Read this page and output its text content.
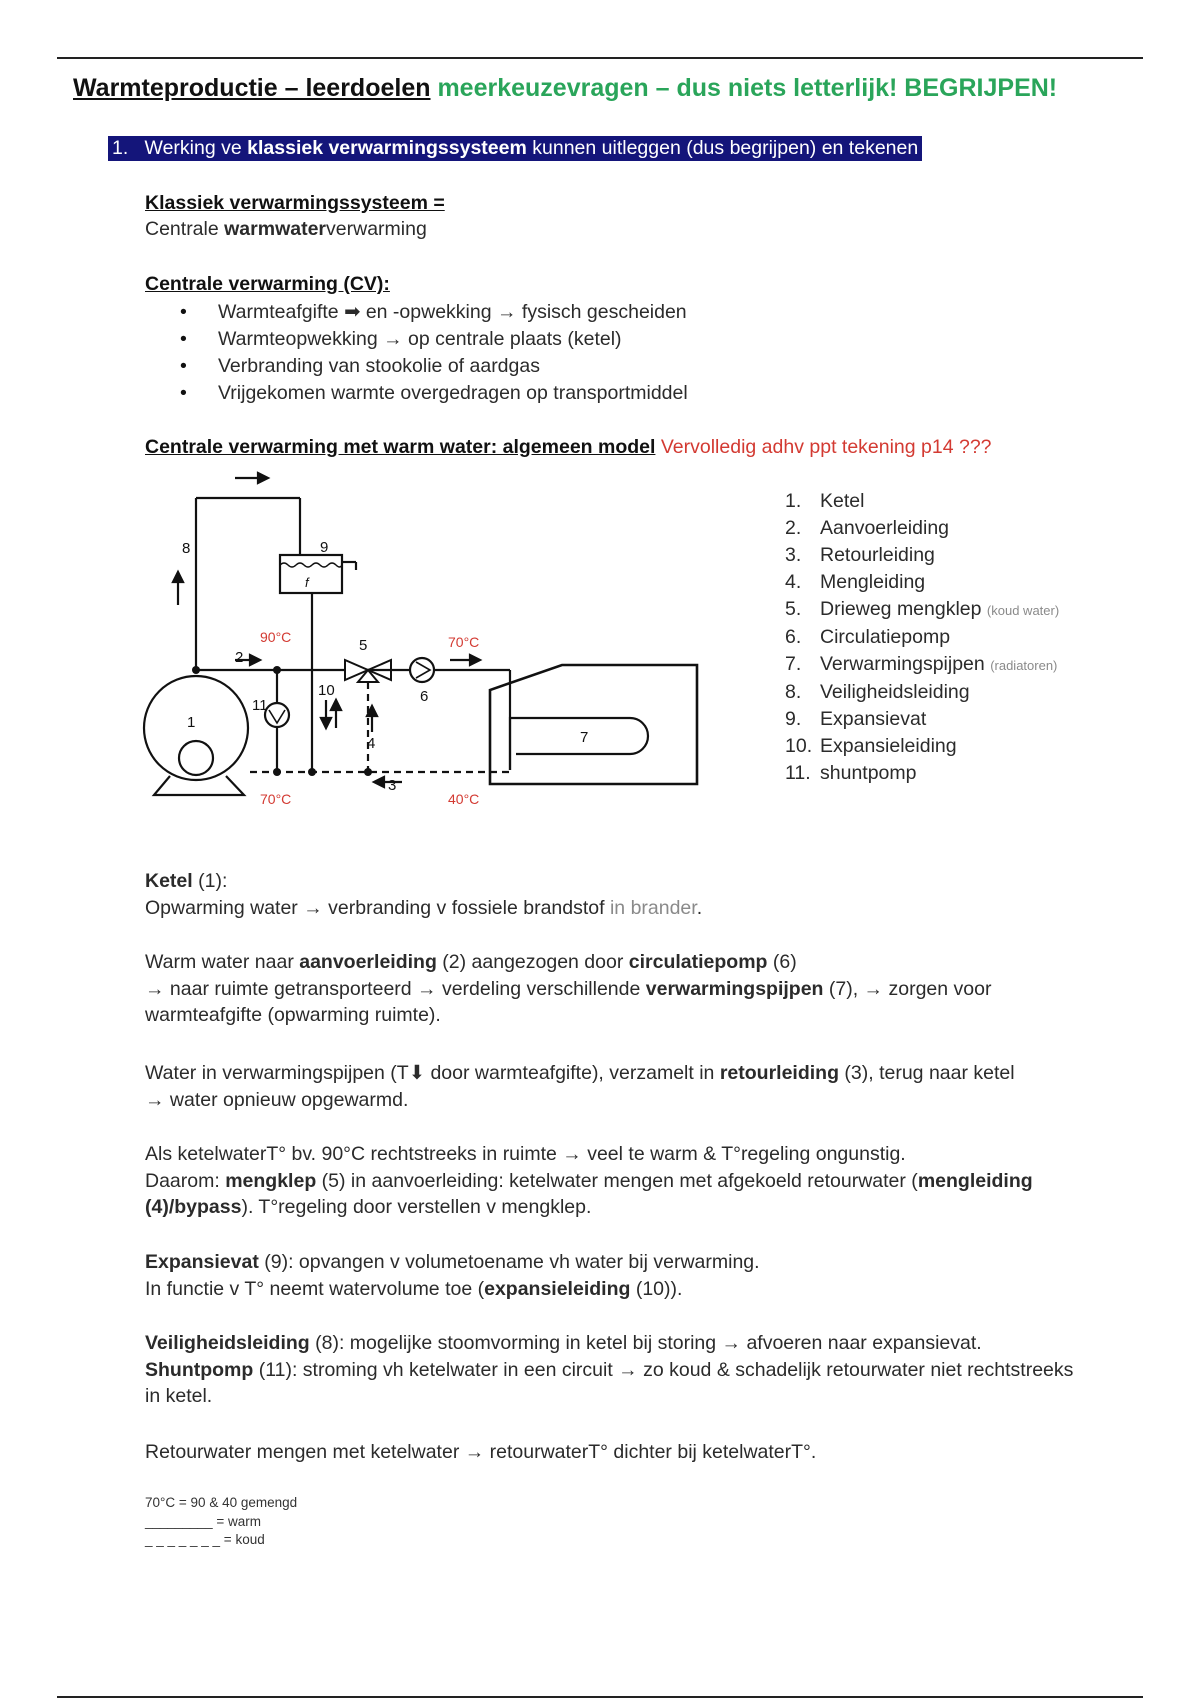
Warmteproductie – leerdoelen meerkeuzevragen – dus niets letterlijk! BEGRIJPEN!
1. Werking ve klassiek verwarmingssysteem kunnen uitleggen (dus begrijpen) en tekenen
Klassiek verwarmingssysteem =
Centrale warmwaterverwarming
Centrale verwarming (CV):
• Warmteafgifte ➡ en -opwekking → fysisch gescheiden
• Warmteopwekking → op centrale plaats (ketel)
• Verbranding van stookolie of aardgas
• Vrijgekomen warmte overgedragen op transportmiddel
Centrale verwarming met warm water: algemeen model Vervolledig adhv ppt tekening p14 ???
1
2
3
4
5
6
7
8	9
10
11
f
90°C	70°C
70°C	40°C
1. Ketel
2. Aanvoerleiding
3. Retourleiding
4. Mengleiding
5. Drieweg mengklep (koud water)
6. Circulatiepomp
7. Verwarmingspijpen (radiatoren)
8. Veiligheidsleiding
9. Expansievat
10. Expansieleiding
11. shuntpomp

Ketel (1):

Opwarming water → verbranding v fossiele brandstof in brander.

Warm water naar aanvoerleiding (2) aangezogen door circulatiepomp (6)

→ naar ruimte getransporteerd → verdeling verschillende verwarmingspijpen (7), → zorgen voor

warmteafgifte (opwarming ruimte).

Water in verwarmingspijpen (T⬇ door warmteafgifte), verzamelt in retourleiding (3), terug naar ketel

→ water opnieuw opgewarmd.

Als ketelwaterT° bv. 90°C rechtstreeks in ruimte → veel te warm & T°regeling ongunstig.

Daarom: mengklep (5) in aanvoerleiding: ketelwater mengen met afgekoeld retourwater (mengleiding

(4)/bypass). T°regeling door verstellen v mengklep.

Expansievat (9): opvangen v volumetoename vh water bij verwarming.

In functie v T° neemt watervolume toe (expansieleiding (10)).

Veiligheidsleiding (8): mogelijke stoomvorming in ketel bij storing → afvoeren naar expansievat.

Shuntpomp (11): stroming vh ketelwater in een circuit → zo koud & schadelijk retourwater niet rechtstreeks

in ketel.

Retourwater mengen met ketelwater → retourwaterT° dichter bij ketelwaterT°.

70°C = 90 & 40 gemengd

_________ = warm

_ _ _ _ _ _ _ = koud
